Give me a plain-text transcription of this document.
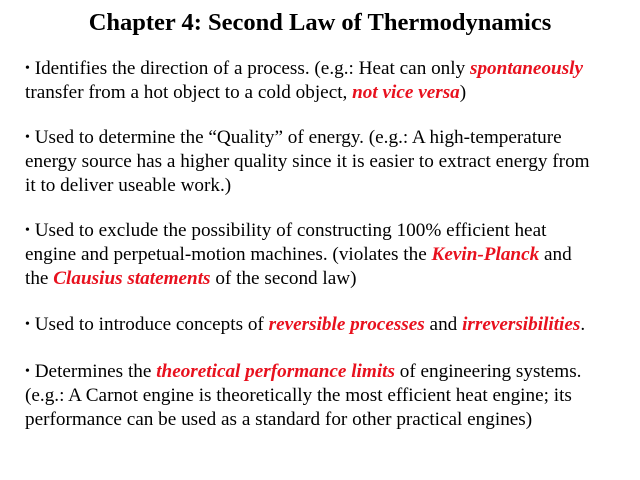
Chapter 4: Second Law of Thermodynamics
• Identifies the direction of a process. (e.g.: Heat can only spontaneously
transfer from a hot object to a cold object, not vice versa)
• Used to determine the “Quality” of energy. (e.g.: A high-temperature
energy source has a higher quality since it is easier to extract energy from
it to deliver useable work.)
• Used to exclude the possibility of constructing 100% efficient heat
engine and perpetual-motion machines. (violates the Kevin-Planck and
the Clausius statements of the second law)
• Used to introduce concepts of reversible processes and irreversibilities.
• Determines the theoretical performance limits of engineering systems.
(e.g.: A Carnot engine is theoretically the most efficient heat engine; its
performance can be used as a standard for other practical engines)
